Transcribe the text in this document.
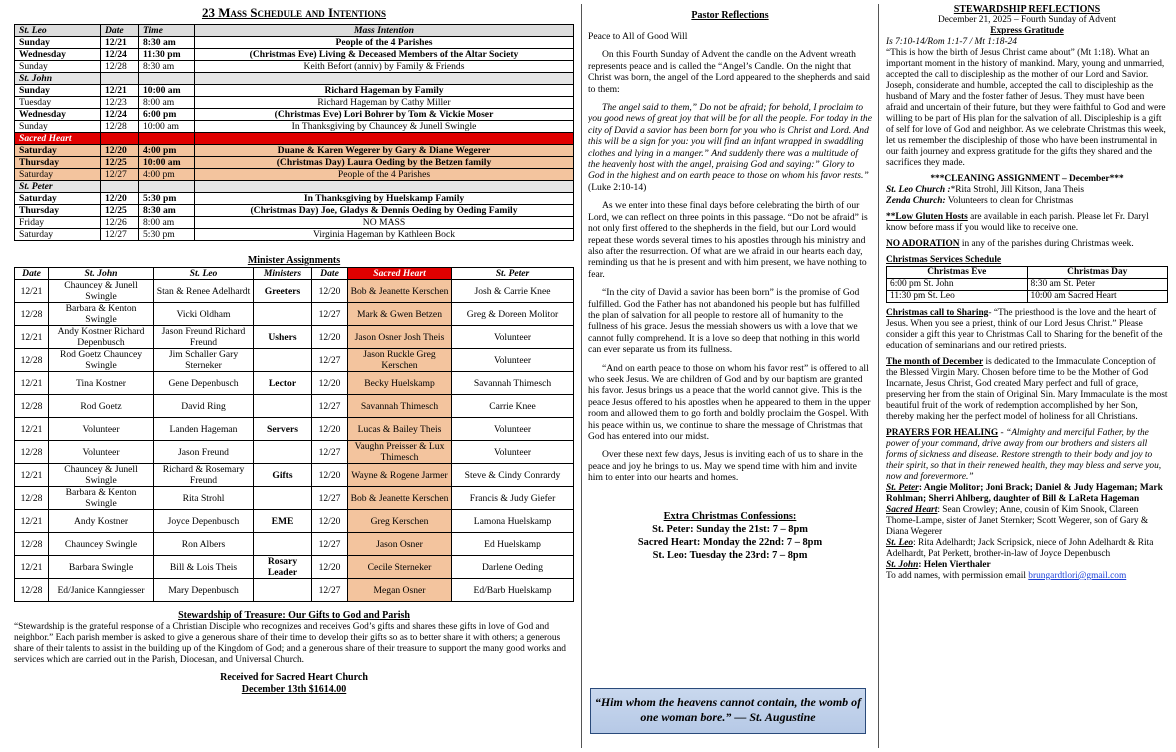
23 Mass Schedule and Intentions
St. Leo	Date	Time	Mass Intention
Sunday	12/21	8:30 am	People of the 4 Parishes
Wednesday	12/24	11:30 pm	(Christmas Eve) Living & Deceased Members of the Altar Society
Sunday	12/28	8:30 am	Keith Befort (anniv) by Family & Friends
St. John			
Sunday	12/21	10:00 am	Richard Hageman by Family
Tuesday	12/23	8:00 am	Richard Hageman by Cathy Miller
Wednesday	12/24	6:00 pm	(Christmas Eve) Lori Bohrer by Tom & Vickie Moser
Sunday	12/28	10:00 am	In Thanksgiving by Chauncey & Junell Swingle
Sacred Heart			
Saturday	12/20	4:00 pm	Duane & Karen Wegerer by Gary & Diane Wegerer
Thursday	12/25	10:00 am	(Christmas Day) Laura Oeding by the Betzen family
Saturday	12/27	4:00 pm	People of the 4 Parishes
St. Peter			
Saturday	12/20	5:30 pm	In Thanksgiving by Huelskamp Family
Thursday	12/25	8:30 am	(Christmas Day) Joe, Gladys & Dennis Oeding by Oeding Family
Friday	12/26	8:00 am	NO MASS
Saturday	12/27	5:30 pm	Virginia Hageman by Kathleen Bock
Minister Assignments
Date	St. John	St. Leo	Ministers	Date	Sacred Heart	St. Peter
12/21	Chauncey & Junell Swingle	Stan & Renee Adelhardt	Greeters	12/20	Bob & Jeanette Kerschen	Josh & Carrie Knee
12/28	Barbara & Kenton Swingle	Vicki Oldham		12/27	Mark & Gwen Betzen	Greg & Doreen Molitor
12/21	Andy Kostner Richard Depenbusch	Jason Freund Richard Freund	Ushers	12/20	Jason Osner Josh Theis	Volunteer
12/28	Rod Goetz Chauncey Swingle	Jim Schaller Gary Sterneker		12/27	Jason Ruckle Greg Kerschen	Volunteer
12/21	Tina Kostner	Gene Depenbusch	Lector	12/20	Becky Huelskamp	Savannah Thimesch
12/28	Rod Goetz	David Ring		12/27	Savannah Thimesch	Carrie Knee
12/21	Volunteer	Landen Hageman	Servers	12/20	Lucas & Bailey Theis	Volunteer
12/28	Volunteer	Jason Freund		12/27	Vaughn Preisser & Lux Thimesch	Volunteer
12/21	Chauncey & Junell Swingle	Richard & Rosemary Freund	Gifts	12/20	Wayne & Rogene Jarmer	Steve & Cindy Conrardy
12/28	Barbara & Kenton Swingle	Rita Strohl		12/27	Bob & Jeanette Kerschen	Francis & Judy Giefer
12/21	Andy Kostner	Joyce Depenbusch	EME	12/20	Greg Kerschen	Lamona Huelskamp
12/28	Chauncey Swingle	Ron Albers		12/27	Jason Osner	Ed Huelskamp
12/21	Barbara Swingle	Bill & Lois Theis	Rosary Leader	12/20	Cecile Sterneker	Darlene Oeding
12/28	Ed/Janice Kanngiesser	Mary Depenbusch		12/27	Megan Osner	Ed/Barb Huelskamp
Stewardship of Treasure: Our Gifts to God and Parish

“Stewardship is the grateful response of a Christian Disciple who recognizes and receives God’s gifts and shares these gifts in love of God and neighbor.” Each parish member is asked to give a generous share of their time to develop their gifts so as to better share it with others; a generous share of their talents to assist in the building up of the Kingdom of God; and a generous share of their treasure to support the many good works and services which are carried out in the Parish, Diocesan, and Universal Church.

Received for Sacred Heart Church
December 13th $1614.00
Pastor Reflections

Peace to All of Good Will

On this Fourth Sunday of Advent the candle on the Advent wreath represents peace and is called the “Angel’s Candle. On the night that Christ was born, the angel of the Lord appeared to the shepherds and said to them:

The angel said to them,” Do not be afraid; for behold, I proclaim to you good news of great joy that will be for all the people. For today in the city of David a savior has been born for you who is Christ and Lord. And this will be a sign for you: you will find an infant wrapped in swaddling clothes and lying in a manger.” And suddenly there was a multitude of the heavenly host with the angel, praising God and saying:” Glory to God in the highest and on earth peace to those on whom his favor rests.” (Luke 2:10-14)

As we enter into these final days before celebrating the birth of our Lord, we can reflect on three points in this passage. “Do not be afraid” is not only first offered to the shepherds in the field, but our Lord would repeat these words several times to his apostles through his ministry and also after the resurrection. Of what are we afraid in our hearts each day, reminding us that he is present and with him present, we have nothing to fear.

“In the city of David a savior has been born” is the promise of God fulfilled. God the Father has not abandoned his people but has fulfilled the plan of salvation for all people to restore all of humanity to the fullness of his grace. Jesus the messiah showers us with a love that we cannot fully comprehend. It is a love so deep that nothing in this world can ever separate us from its fullness.

“And on earth peace to those on whom his favor rest” is offered to all who seek Jesus. We are children of God and by our baptism are granted his favor. Jesus brings us a peace that the world cannot give. This is the peace Jesus offered to his apostles when he appeared to them in the upper room and allowed them to go forth and boldly proclaim the Gospel. With his peace within us, we continue to share the message of Christmas that God has entered into our midst.

Over these next few days, Jesus is inviting each of us to share in the peace and joy he brings to us. May we spend time with him and invite him to enter into our hearts and homes.

Extra Christmas Confessions:
St. Peter: Sunday the 21st: 7 – 8pm
Sacred Heart: Monday the 22nd: 7 – 8pm
St. Leo: Tuesday the 23rd: 7 – 8pm
“Him whom the heavens cannot contain, the womb of one woman bore.” — St. Augustine
STEWARDSHIP REFLECTIONS
December 21, 2025 – Fourth Sunday of Advent
Express Gratitude
Is 7:10-14/Rom 1:1-7 / Mt 1:18-24

“This is how the birth of Jesus Christ came about” (Mt 1:18). What an important moment in the history of mankind. Mary, young and unmarried, accepted the call to discipleship as the mother of our Lord and Savior. Joseph, considerate and humble, accepted the call to discipleship as the husband of Mary and the foster father of Jesus. They must have been afraid and uncertain of their future, but they were faithful to God and were willing to be part of His plan for the salvation of all. Discipleship is a gift of self for love of God and neighbor. As we celebrate Christmas this week, let us remember the discipleship of those who have been instrumental in our faith journey and express gratitude for the gifts they shared and the sacrifices they made.

***CLEANING ASSIGNMENT – December***

St. Leo Church :*Rita Strohl, Jill Kitson, Jana Theis

Zenda Church: Volunteers to clean for Christmas

**Low Gluten Hosts are available in each parish. Please let Fr. Daryl know before mass if you would like to receive one.

NO ADORATION in any of the parishes during Christmas week.

Christmas Services Schedule
Christmas Eve	Christmas Day
6:00 pm St. John	8:30 am St. Peter
11:30 pm St. Leo	10:00 am Sacred Heart

Christmas call to Sharing- “The priesthood is the love and the heart of Jesus. When you see a priest, think of our Lord Jesus Christ.” Please consider a gift this year to Christmas Call to Sharing for the benefit of the education of seminarians and our retired priests.

The month of December is dedicated to the Immaculate Conception of the Blessed Virgin Mary. Chosen before time to be the Mother of God Incarnate, Jesus Christ, God created Mary perfect and full of grace, preserving her from the stain of Original Sin. Mary Immaculate is the most beautiful fruit of the work of redemption accomplished by her Son, thereby making her the perfect model of holiness for all Christians.

PRAYERS FOR HEALING - “Almighty and merciful Father, by the power of your command, drive away from our brothers and sisters all forms of sickness and disease. Restore strength to their body and joy to their spirit, so that in their renewed health, they may bless and serve you, now and forevermore.”

St. Peter: Angie Molitor; Joni Brack; Daniel & Judy Hageman; Mark Rohlman; Sherri Ahlberg, daughter of Bill & LaReta Hageman

Sacred Heart: Sean Crowley; Anne, cousin of Kim Snook, Clareen Thome-Lampe, sister of Janet Sternker; Scott Wegerer, son of Gary & Diana Wegerer

St. Leo: Rita Adelhardt; Jack Scripsick, niece of John Adelhardt & Rita Adelhardt, Pat Perkett, brother-in-law of Joyce Depenbusch

St. John: Helen Vierthaler

To add names, with permission email brungardtlori@gmail.com
